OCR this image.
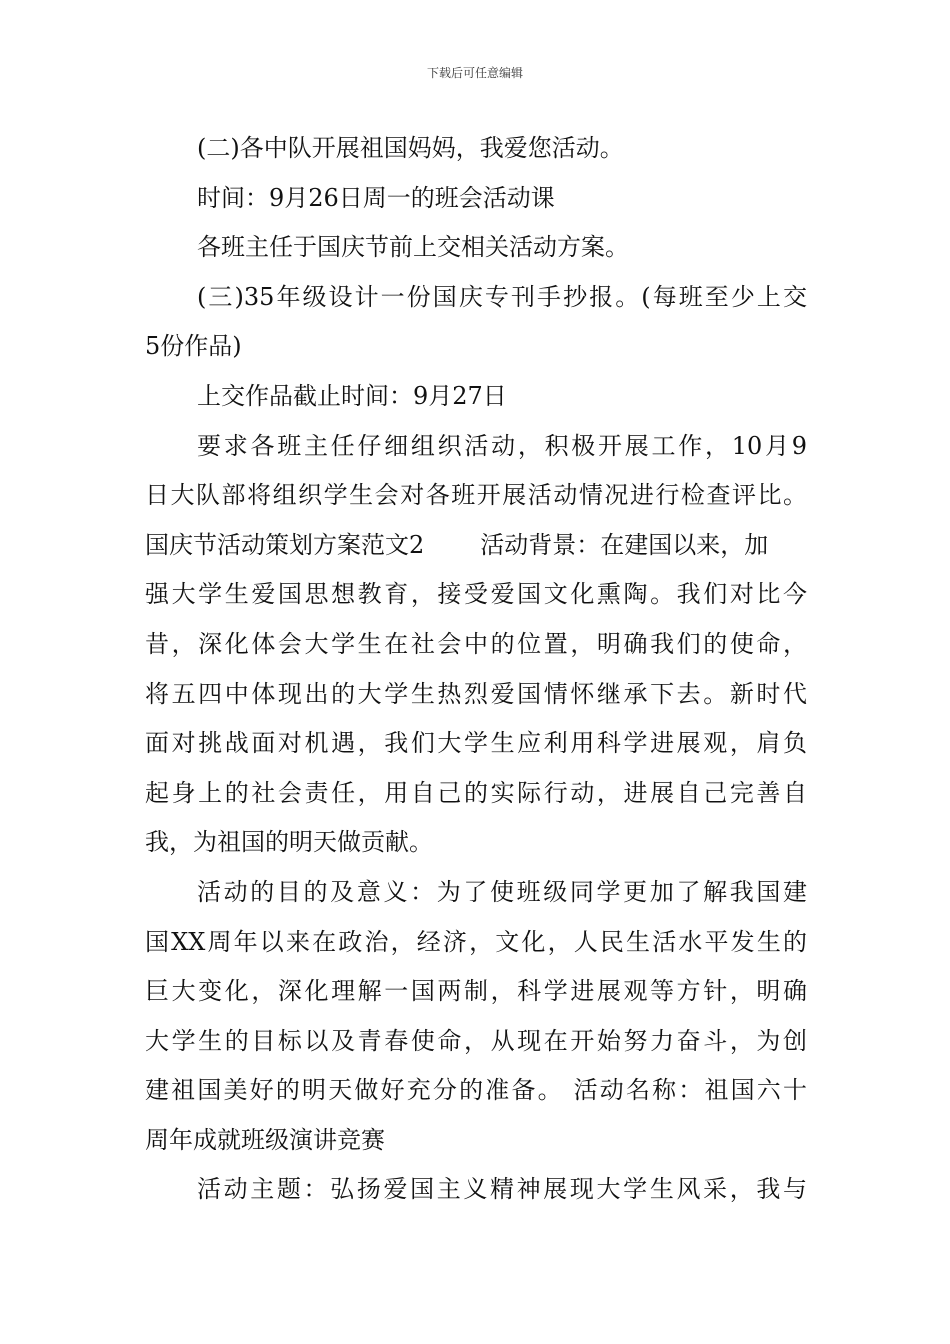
下载后可任意编辑
(二)各中队开展祖国妈妈，我爱您活动。
时间：9月26日周一的班会活动课
各班主任于国庆节前上交相关活动方案。
(三)35年级设计一份国庆专刊手抄报。(每班至少上交
5份作品)
上交作品截止时间：9月27日
要求各班主任仔细组织活动，积极开展工作，10月9
日大队部将组织学生会对各班开展活动情况进行检查评比。
国庆节活动策划方案范文2 活动背景：在建国以来，加
强大学生爱国思想教育，接受爱国文化熏陶。我们对比今
昔，深化体会大学生在社会中的位置，明确我们的使命，
将五四中体现出的大学生热烈爱国情怀继承下去。新时代
面对挑战面对机遇，我们大学生应利用科学进展观，肩负
起身上的社会责任，用自己的实际行动，进展自己完善自
我，为祖国的明天做贡献。
活动的目的及意义：为了使班级同学更加了解我国建
国XX周年以来在政治，经济，文化，人民生活水平发生的
巨大变化，深化理解一国两制，科学进展观等方针，明确
大学生的目标以及青春使命，从现在开始努力奋斗，为创
建祖国美好的明天做好充分的准备。 活动名称：祖国六十
周年成就班级演讲竞赛
活动主题：弘扬爱国主义精神展现大学生风采，我与
